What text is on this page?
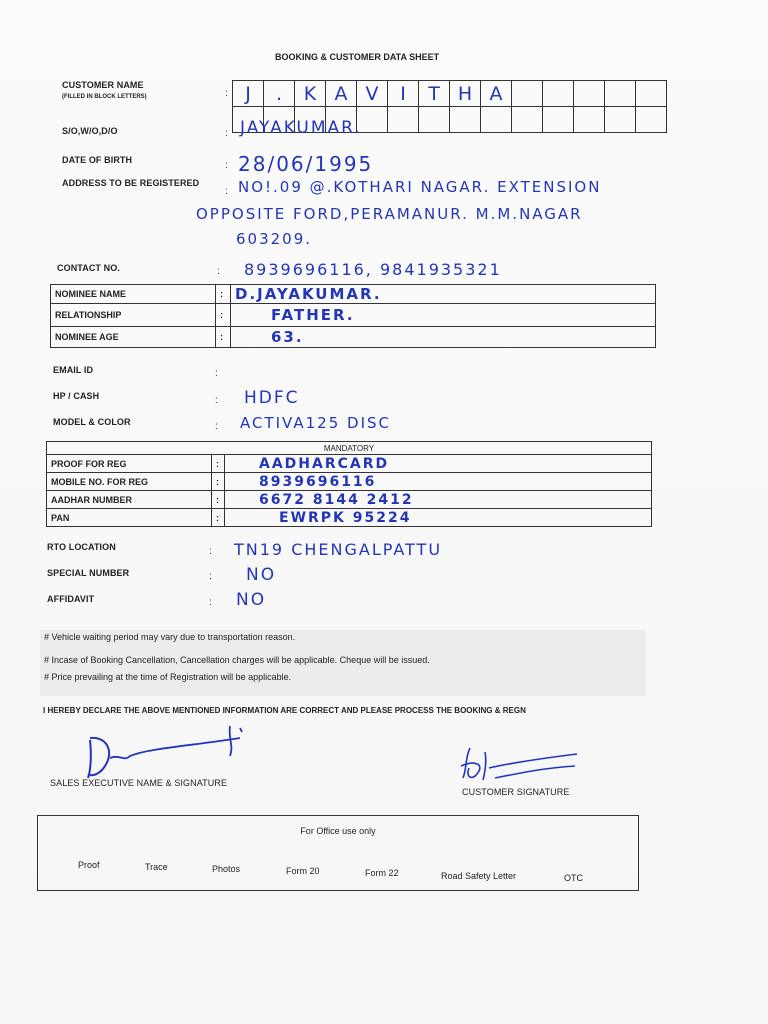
BOOKING & CUSTOMER DATA SHEET
CUSTOMER NAME
(FILLED IN BLOCK LETTERS)	: J	.	K A V	I	T H A
S/O,W/O,D/O	: JAYAKUMAR.
DATE OF BIRTH	: 28/06/1995
ADDRESS TO BE REGISTERED
: NO!.09 @.KOTHARI NAGAR. EXTENSION
OPPOSITE FORD,PERAMANUR. M.M.NAGAR
603209.
CONTACT NO.	: 8939696116, 9841935321
NOMINEE NAME	:	D.JAYAKUMAR.
RELATIONSHIP	:	FATHER.
NOMINEE AGE	:	63.
EMAIL ID	:
HP / CASH	: HDFC
MODEL & COLOR	: ACTIVA125 DISC
MANDATORY		
PROOF FOR REG	:	AADHARCARD
MOBILE NO. FOR REG	:	8939696116
AADHAR NUMBER	:	6672 8144 2412
PAN	:	EWRPK 95224
RTO LOCATION	: TN19 CHENGALPATTU
SPECIAL NUMBER	: NO
AFFIDAVIT	: NO
# Vehicle waiting period may vary due to transportation reason.
# Incase of Booking Cancellation, Cancellation charges will be applicable. Cheque will be issued.
# Price prevailing at the time of Registration will be applicable.
I HEREBY DECLARE THE ABOVE MENTIONED INFORMATION ARE CORRECT AND PLEASE PROCESS THE BOOKING & REGN
SALES EXECUTIVE NAME & SIGNATURE
CUSTOMER SIGNATURE
For Office use only
Proof	Trace	Photos	Form 20	Form 22	Road Safety Letter	OTC
